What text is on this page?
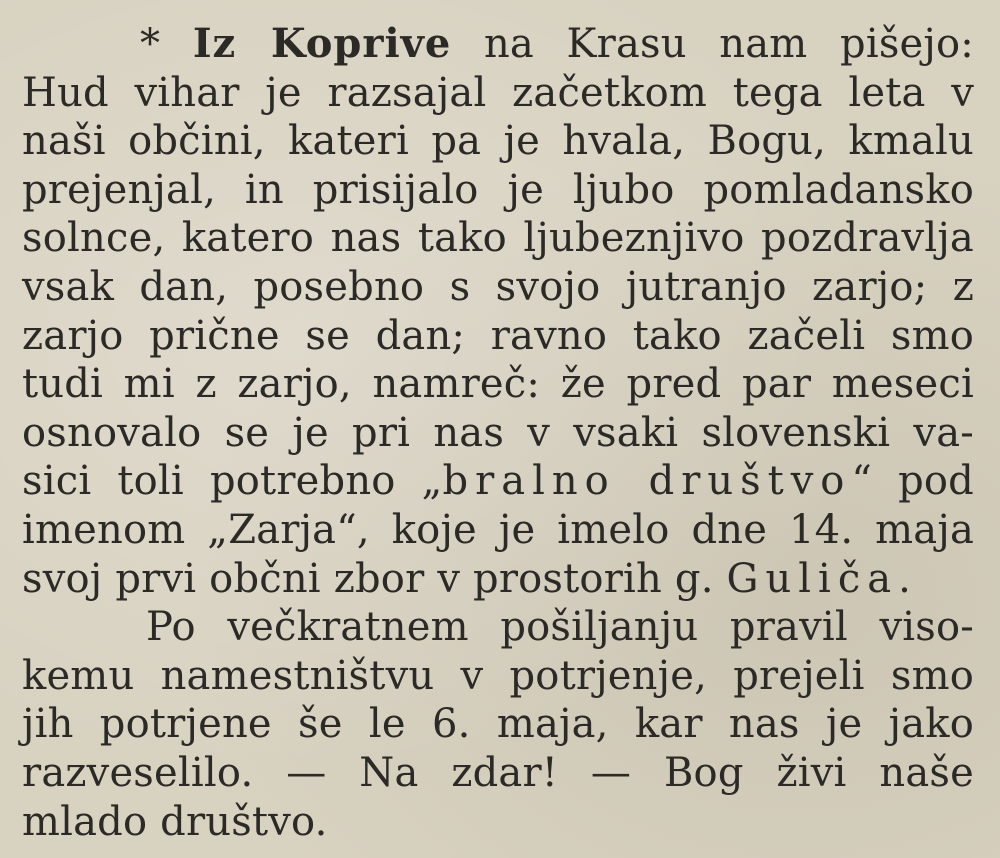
* Iz Koprive na Krasu nam pišejo:
Hud vihar je razsajal začetkom tega leta v
naši občini, kateri pa je hvala, Bogu, kmalu
prejenjal, in prisijalo je ljubo pomladansko
solnce, katero nas tako ljubeznjivo pozdravlja
vsak dan, posebno s svojo jutranjo zarjo; z
zarjo prične se dan; ravno tako začeli smo
tudi mi z zarjo, namreč: že pred par meseci
osnovalo se je pri nas v vsaki slovenski va-
sici toli potrebno „bralno društvo“ pod
imenom „Zarja“, koje je imelo dne 14. maja
svoj prvi občni zbor v prostorih g. Guliča.
Po večkratnem pošiljanju pravil viso-
kemu namestništvu v potrjenje, prejeli smo
jih potrjene še le 6. maja, kar nas je jako
razveselilo. — Na zdar! — Bog živi naše
mlado društvo.
